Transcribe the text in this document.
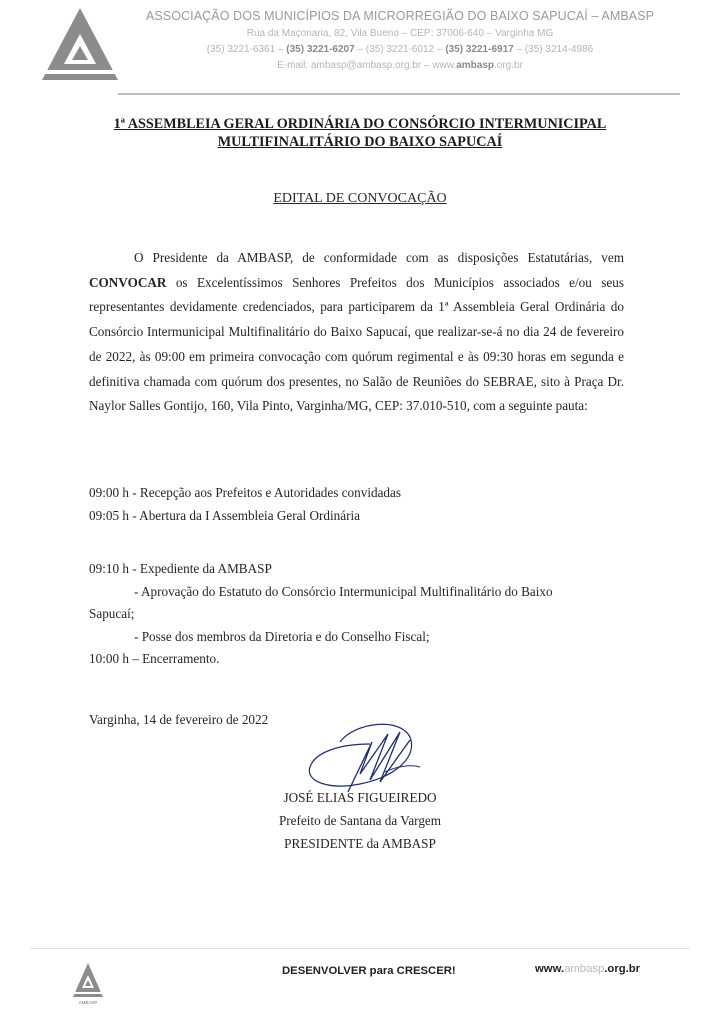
ASSOCIAÇÃO DOS MUNICÍPIOS DA MICRORREGIÃO DO BAIXO SAPUCAÍ – AMBASP
Rua da Maçonaria, 82, Vila Bueno – CEP: 37006-640 – Varginha MG
(35) 3221-6361 – (35) 3221-6207 – (35) 3221-6012 – (35) 3221-6917 – (35) 3214-4986
E-mail: ambasp@ambasp.org.br – www.ambasp.org.br
1ª ASSEMBLEIA GERAL ORDINÁRIA DO CONSÓRCIO INTERMUNICIPAL MULTIFINALITÁRIO DO BAIXO SAPUCAÍ
EDITAL DE CONVOCAÇÃO
O Presidente da AMBASP, de conformidade com as disposições Estatutárias, vem CONVOCAR os Excelentíssimos Senhores Prefeitos dos Municípios associados e/ou seus representantes devidamente credenciados, para participarem da 1ª Assembleia Geral Ordinária do Consórcio Intermunicipal Multifinalitário do Baixo Sapucaí, que realizar-se-á no dia 24 de fevereiro de 2022, às 09:00 em primeira convocação com quórum regimental e às 09:30 horas em segunda e definitiva chamada com quórum dos presentes, no Salão de Reuniões do SEBRAE, sito à Praça Dr. Naylor Salles Gontijo, 160, Vila Pinto, Varginha/MG, CEP: 37.010-510, com a seguinte pauta:
09:00 h - Recepção aos Prefeitos e Autoridades convidadas
09:05 h - Abertura da I Assembleia Geral Ordinária
09:10 h - Expediente da AMBASP
- Aprovação do Estatuto do Consórcio Intermunicipal Multifinalitário do Baixo
Sapucaí;
- Posse dos membros da Diretoria e do Conselho Fiscal;
10:00 h – Encerramento.
Varginha, 14 de fevereiro de 2022
JOSÉ ELIAS FIGUEIREDO
Prefeito de Santana da Vargem
PRESIDENTE da AMBASP
AMBASP
DESENVOLVER para CRESCER!	www.ambasp.org.br
